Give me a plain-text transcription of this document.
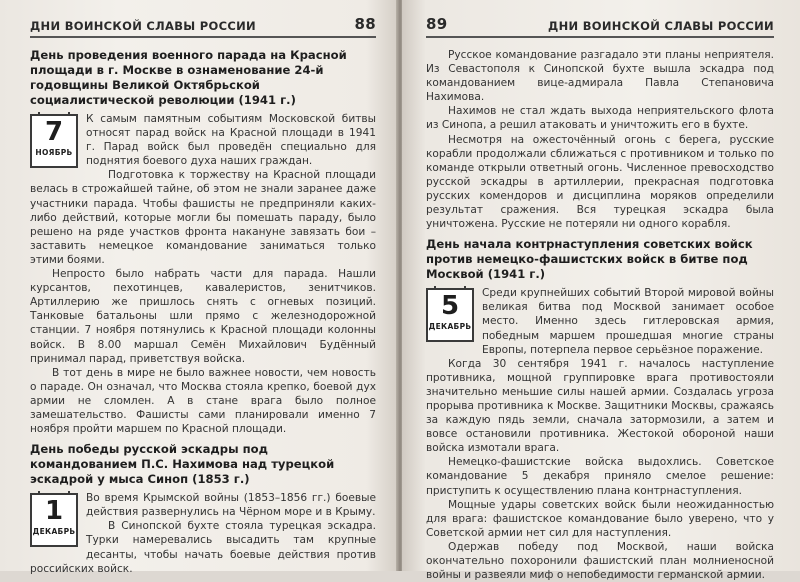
ДНИ ВОИНСКОЙ СЛАВЫ РОССИИ	88
День проведения военного парада на Красной площади в г. Москве в ознаменование 24-й годовщины Великой Октябрьской социалистической революции (1941 г.)
7
НОЯБРЬ

К самым памятным событиям Московской битвы относят парад войск на Красной площади в 1941 г. Парад войск был проведён специально для поднятия боевого духа наших граждан.

Подготовка к торжеству на Красной площади велась в строжайшей тайне, об этом не знали заранее даже участники парада. Чтобы фашисты не предприняли каких-либо действий, которые могли бы помешать параду, было решено на ряде участков фронта накануне завязать бои – заставить немецкое командование заниматься только этими боями.

Непросто было набрать части для парада. Нашли курсантов, пехотинцев, кавалеристов, зенитчиков. Артиллерию же пришлось снять с огневых позиций. Танковые батальоны шли прямо с железнодорожной станции. 7 ноября потянулись к Красной площади колонны войск. В 8.00 маршал Семён Михайлович Будённый принимал парад, приветствуя войска.

В тот день в мире не было важнее новости, чем новость о параде. Он означал, что Москва стояла крепко, боевой дух армии не сломлен. А в стане врага было полное замешательство. Фашисты сами планировали именно 7 ноября пройти маршем по Красной площади.

День победы русской эскадры под командованием П.С. Нахимова над турецкой эскадрой у мыса Синоп (1853 г.)
1
ДЕКАБРЬ

Во время Крымской войны (1853–1856 гг.) боевые действия развернулись на Чёрном море и в Крыму.

В Синопской бухте стояла турецкая эскадра. Турки намеревались высадить там крупные десанты, чтобы начать боевые действия против российских войск.

89	ДНИ ВОИНСКОЙ СЛАВЫ РОССИИ

Русское командование разгадало эти планы неприятеля. Из Севастополя к Синопской бухте вышла эскадра под командованием вице-адмирала Павла Степановича Нахимова.

Нахимов не стал ждать выхода неприятельского флота из Синопа, а решил атаковать и уничтожить его в бухте.

Несмотря на ожесточённый огонь с берега, русские корабли продолжали сближаться с противником и только по команде открыли ответный огонь. Численное превосходство русской эскадры в артиллерии, прекрасная подготовка русских комендоров и дисциплина моряков определили результат сражения. Вся турецкая эскадра была уничтожена. Русские не потеряли ни одного корабля.

День начала контрнаступления советских войск против немецко-фашистских войск в битве под Москвой (1941 г.)
5
ДЕКАБРЬ

Среди крупнейших событий Второй мировой войны великая битва под Москвой занимает особое место. Именно здесь гитлеровская армия, победным маршем прошедшая многие страны Европы, потерпела первое серьёзное поражение.

Когда 30 сентября 1941 г. началось наступление противника, мощной группировке врага противостояли значительно меньшие силы нашей армии. Создалась угроза прорыва противника к Москве. Защитники Москвы, сражаясь за каждую пядь земли, сначала затормозили, а затем и вовсе остановили противника. Жестокой обороной наши войска измотали врага.

Немецко-фашистские войска выдохлись. Советское командование 5 декабря приняло смелое решение: приступить к осуществлению плана контрнаступления.

Мощные удары советских войск были неожиданностью для врага: фашистское командование было уверено, что у Советской армии нет сил для наступления.

Одержав победу под Москвой, наши войска окончательно похоронили фашистский план молниеносной войны и развеяли миф о непобедимости германской армии.
